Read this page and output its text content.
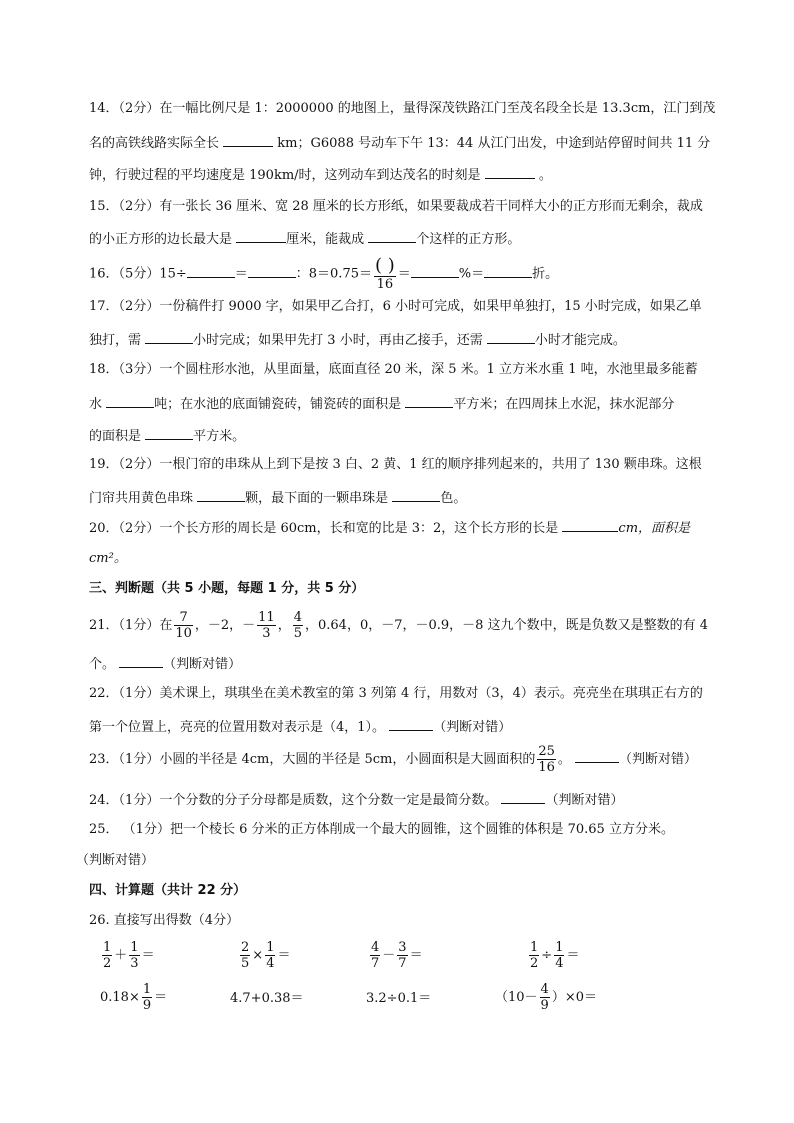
14．（2分）在一幅比例尺是 1：2000000 的地图上，量得深茂铁路江门至茂名段全长是 13.3cm，江门到茂
名的高铁线路实际全长	km；G6088 号动车下午 13：44 从江门出发，中途到站停留时间共 11 分
钟，行驶过程的平均速度是 190km/时，这列动车到达茂名的时刻是	。
15．（2分）有一张长 36 厘米、宽 28 厘米的长方形纸，如果要裁成若干同样大小的正方形而无剩余，裁成
的小正方形的边长最大是	厘米，能裁成	个这样的正方形。
16．（5分）15÷	＝	：$8=0.75= \frac{( )}{16}$ ＝	%＝	折。
17．（2分）一份稿件打 9000 字，如果甲乙合打，6 小时可完成，如果甲单独打，15 小时完成，如果乙单
独打，需	小时完成；如果甲先打 3 小时，再由乙接手，还需	小时才能完成。
18．（3分）一个圆柱形水池，从里面量，底面直径 20 米，深 5 米。1 立方米水重 1 吨，水池里最多能蓄
水	吨；在水池的底面铺瓷砖，铺瓷砖的面积是	平方米；在四周抹上水泥，抹水泥部分
的面积是	平方米。
19．（2分）一根门帘的串珠从上到下是按 3 白、2 黄、1 红的顺序排列起来的，共用了 130 颗串珠。这根
门帘共用黄色串珠	颗，最下面的一颗串珠是	色。
20．（2分）一个长方形的周长是 60cm，长和宽的比是 3：2，这个长方形的长是	cm，面积是
cm²。
三、判断题（共 5 小题，每题 1 分，共 5 分）
21．（1分）在 $\frac{7}{10}$ ，－2，－ $\frac{11}{3}$ ， $\frac{4}{5}$ ，0.64，0，－7，－0.9，－8 这九个数中，既是负数又是整数的有 4
个。	（判断对错）
22．（1分）美术课上，琪琪坐在美术教室的第 3 列第 4 行，用数对（3，4）表示。亮亮坐在琪琪正右方的
第一个位置上，亮亮的位置用数对表示是（4，1）。	（判断对错）
23．（1分）小圆的半径是 4cm，大圆的半径是 5cm，小圆面积是大圆面积的 $\frac{25}{16}$ 。	（判断对错）
24．（1分）一个分数的分子分母都是质数，这个分数一定是最简分数。	（判断对错）
25． （1分）把一个棱长 6 分米的正方体削成一个最大的圆锥，这个圆锥的体积是 70.65 立方分米。
（判断对错）
四、计算题（共计 22 分）
26. 直接写出得数（4分）
$\frac{1}{2} + \frac{1}{3}$ ＝	$\frac{2}{5} \times \frac{1}{4}$ ＝	$\frac{4}{7} - \frac{3}{7}$ ＝	$\frac{1}{2} \div \frac{1}{4}$ ＝
$0.18\times \frac{1}{9}$ ＝	4.7+0.38＝	3.2÷0.1＝	$(10- \frac{4}{9} )\times 0=$
